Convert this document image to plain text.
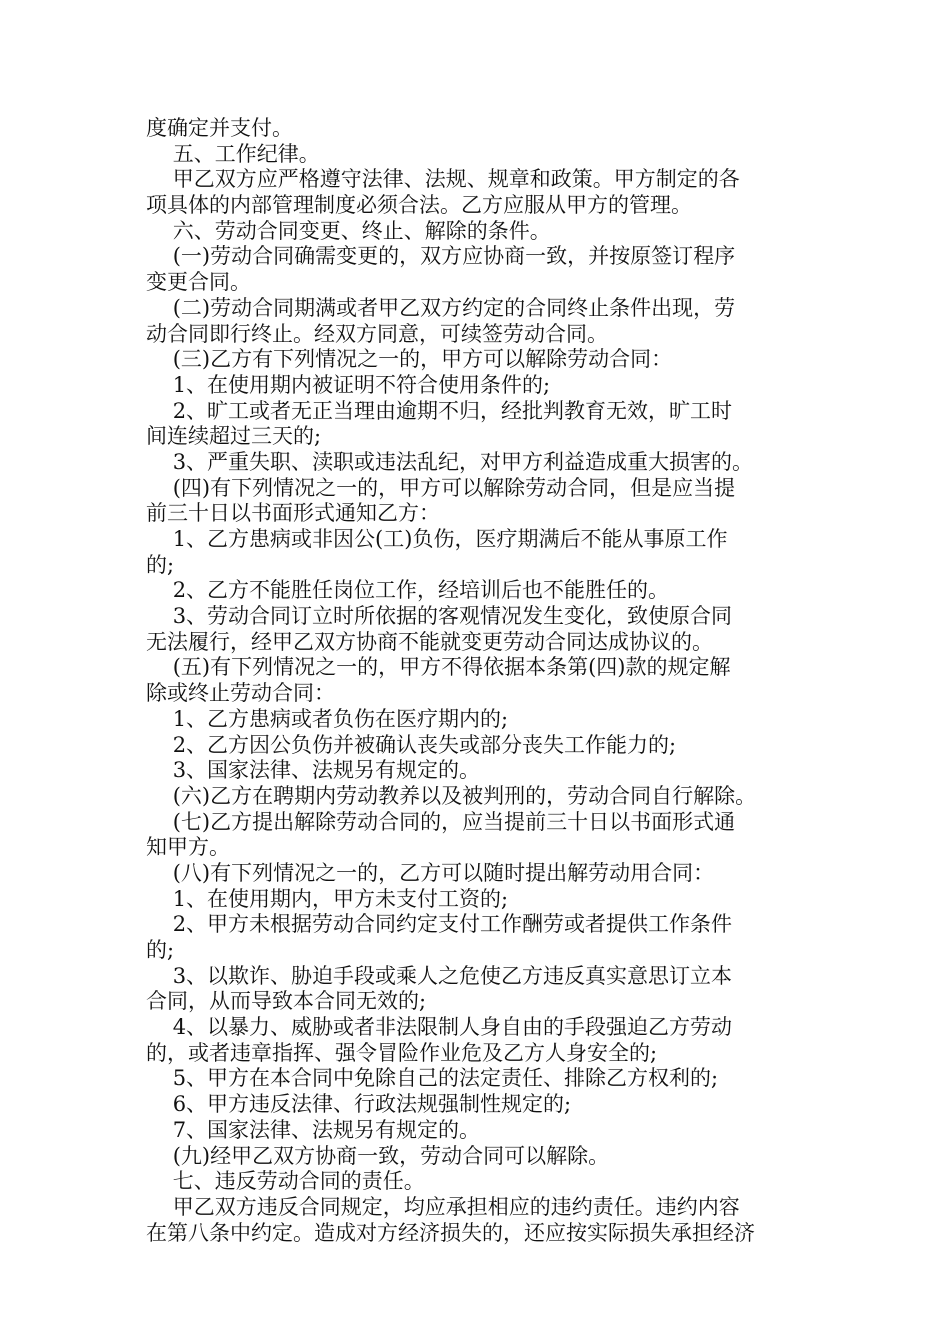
度确定并支付。
五、工作纪律。
甲乙双方应严格遵守法律、法规、规章和政策。甲方制定的各
项具体的内部管理制度必须合法。乙方应服从甲方的管理。
六、劳动合同变更、终止、解除的条件。
(一)劳动合同确需变更的，双方应协商一致，并按原签订程序
变更合同。
(二)劳动合同期满或者甲乙双方约定的合同终止条件出现，劳
动合同即行终止。经双方同意，可续签劳动合同。
(三)乙方有下列情况之一的，甲方可以解除劳动合同：
1、在使用期内被证明不符合使用条件的;
2、旷工或者无正当理由逾期不归，经批判教育无效，旷工时
间连续超过三天的;
3、严重失职、渎职或违法乱纪，对甲方利益造成重大损害的。
(四)有下列情况之一的，甲方可以解除劳动合同，但是应当提
前三十日以书面形式通知乙方：
1、乙方患病或非因公(工)负伤，医疗期满后不能从事原工作
的;
2、乙方不能胜任岗位工作，经培训后也不能胜任的。
3、劳动合同订立时所依据的客观情况发生变化，致使原合同
无法履行，经甲乙双方协商不能就变更劳动合同达成协议的。
(五)有下列情况之一的，甲方不得依据本条第(四)款的规定解
除或终止劳动合同：
1、乙方患病或者负伤在医疗期内的;
2、乙方因公负伤并被确认丧失或部分丧失工作能力的;
3、国家法律、法规另有规定的。
(六)乙方在聘期内劳动教养以及被判刑的，劳动合同自行解除。
(七)乙方提出解除劳动合同的，应当提前三十日以书面形式通
知甲方。
(八)有下列情况之一的，乙方可以随时提出解劳动用合同：
1、在使用期内，甲方未支付工资的;
2、甲方未根据劳动合同约定支付工作酬劳或者提供工作条件
的;
3、以欺诈、胁迫手段或乘人之危使乙方违反真实意思订立本
合同，从而导致本合同无效的;
4、以暴力、威胁或者非法限制人身自由的手段强迫乙方劳动
的，或者违章指挥、强令冒险作业危及乙方人身安全的;
5、甲方在本合同中免除自己的法定责任、排除乙方权利的;
6、甲方违反法律、行政法规强制性规定的;
7、国家法律、法规另有规定的。
(九)经甲乙双方协商一致，劳动合同可以解除。
七、违反劳动合同的责任。
甲乙双方违反合同规定，均应承担相应的违约责任。违约内容
在第八条中约定。造成对方经济损失的，还应按实际损失承担经济
